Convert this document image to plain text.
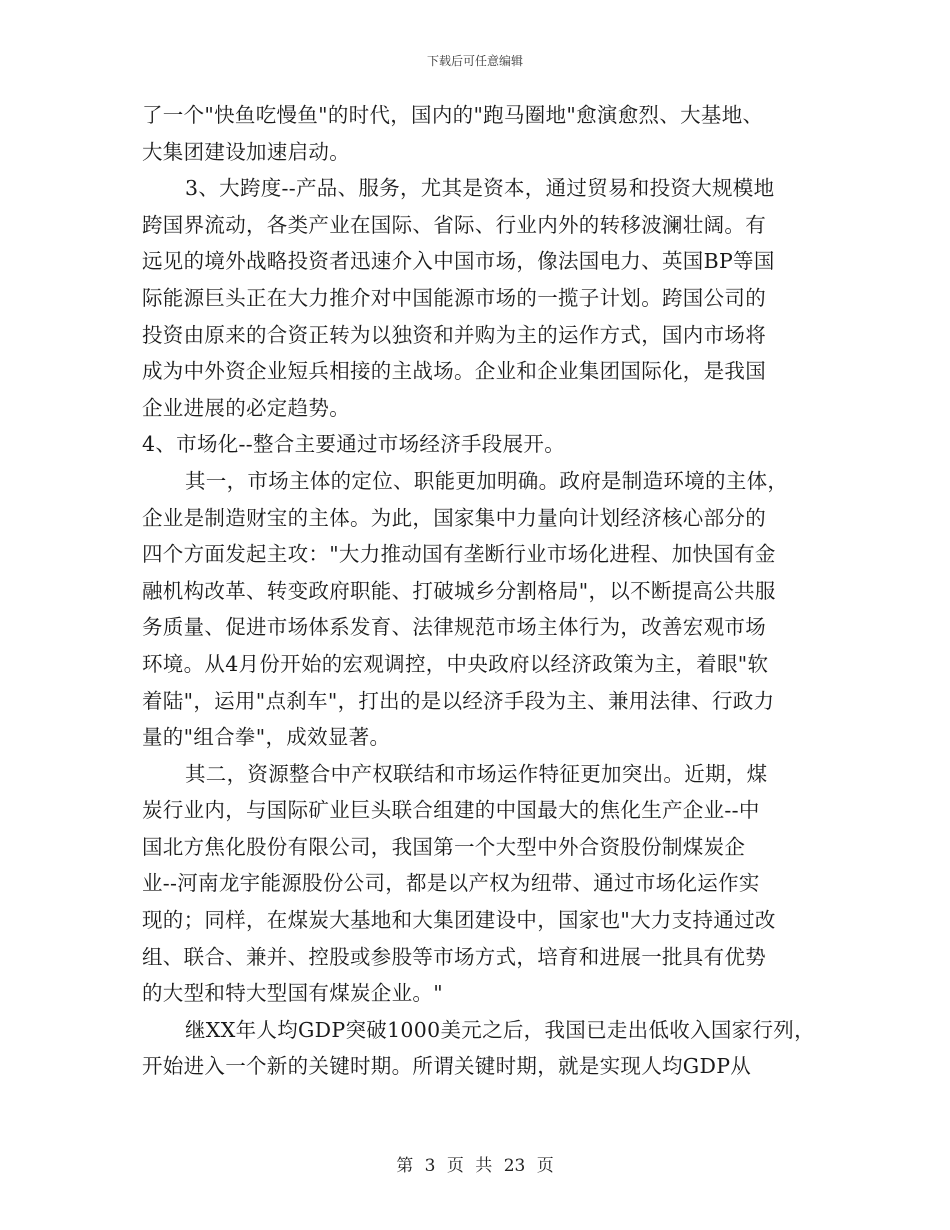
下载后可任意编辑
了一个"快鱼吃慢鱼"的时代，国内的"跑马圈地"愈演愈烈、大基地、
大集团建设加速启动。
3、大跨度--产品、服务，尤其是资本，通过贸易和投资大规模地
跨国界流动，各类产业在国际、省际、行业内外的转移波澜壮阔。有
远见的境外战略投资者迅速介入中国市场，像法国电力、英国BP等国
际能源巨头正在大力推介对中国能源市场的一揽子计划。跨国公司的
投资由原来的合资正转为以独资和并购为主的运作方式，国内市场将
成为中外资企业短兵相接的主战场。企业和企业集团国际化，是我国
企业进展的必定趋势。
4、市场化--整合主要通过市场经济手段展开。
其一，市场主体的定位、职能更加明确。政府是制造环境的主体，
企业是制造财宝的主体。为此，国家集中力量向计划经济核心部分的
四个方面发起主攻："大力推动国有垄断行业市场化进程、加快国有金
融机构改革、转变政府职能、打破城乡分割格局"，以不断提高公共服
务质量、促进市场体系发育、法律规范市场主体行为，改善宏观市场
环境。从4月份开始的宏观调控，中央政府以经济政策为主，着眼"软
着陆"，运用"点刹车"，打出的是以经济手段为主、兼用法律、行政力
量的"组合拳"，成效显著。
其二，资源整合中产权联结和市场运作特征更加突出。近期，煤
炭行业内，与国际矿业巨头联合组建的中国最大的焦化生产企业--中
国北方焦化股份有限公司，我国第一个大型中外合资股份制煤炭企
业--河南龙宇能源股份公司，都是以产权为纽带、通过市场化运作实
现的；同样，在煤炭大基地和大集团建设中，国家也"大力支持通过改
组、联合、兼并、控股或参股等市场方式，培育和进展一批具有优势
的大型和特大型国有煤炭企业。"
继XX年人均GDP突破1000美元之后，我国已走出低收入国家行列，
开始进入一个新的关键时期。所谓关键时期，就是实现人均GDP从
第 3 页 共 23 页
